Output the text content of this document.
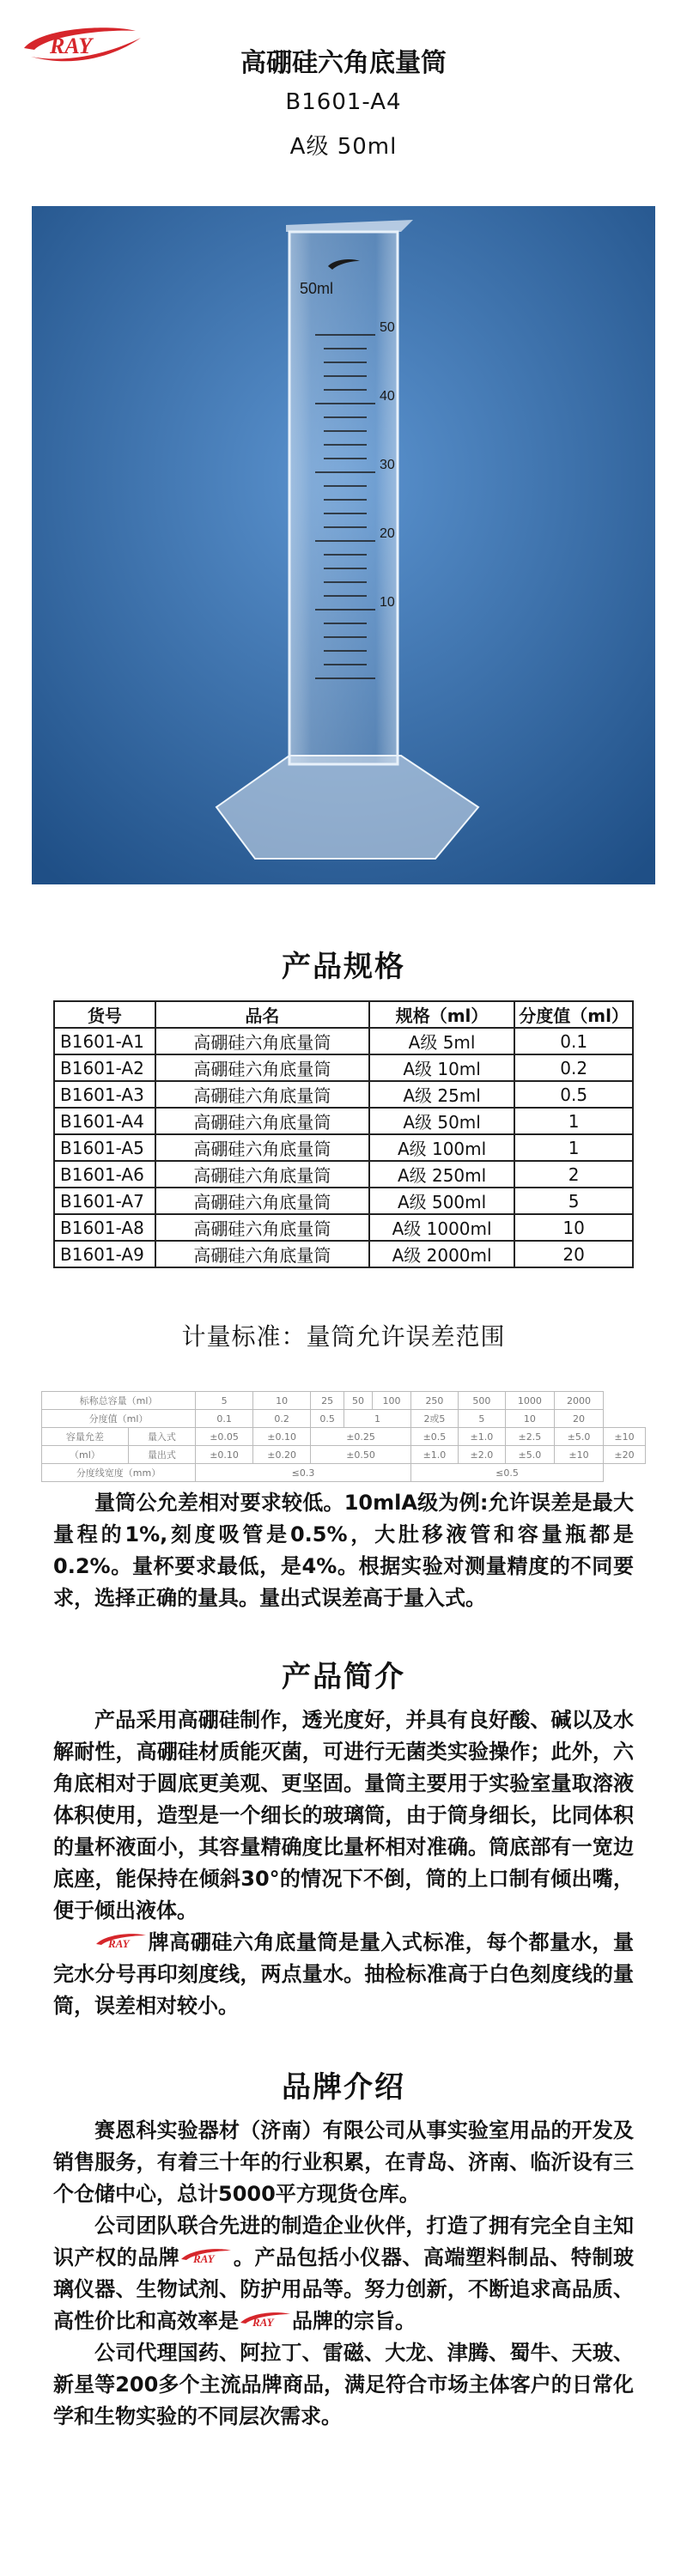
RAY
高硼硅六角底量筒
B1601-A4
A级 50ml
50
40
30
20
10
50ml
产品规格
货号	品名	规格（ml）	分度值（ml）
B1601-A1	高硼硅六角底量筒	A级 5ml	0.1
B1601-A2	高硼硅六角底量筒	A级 10ml	0.2
B1601-A3	高硼硅六角底量筒	A级 25ml	0.5
B1601-A4	高硼硅六角底量筒	A级 50ml	1
B1601-A5	高硼硅六角底量筒	A级 100ml	1
B1601-A6	高硼硅六角底量筒	A级 250ml	2
B1601-A7	高硼硅六角底量筒	A级 500ml	5
B1601-A8	高硼硅六角底量筒	A级 1000ml	10
B1601-A9	高硼硅六角底量筒	A级 2000ml	20
计量标准：量筒允许误差范围
标称总容量（ml）		5	10	25	50	100	250	500	1000	2000	
分度值（ml）		0.1	0.2	0.5	1		2或5	5	10	20	
容量允差	量入式	±0.05	±0.10	±0.25			±0.5	±1.0	±2.5	±5.0	±10
（ml）	量出式	±0.10	±0.20	±0.50			±1.0	±2.0	±5.0	±10	±20
分度线宽度（mm）		≤0.3					≤0.5				

量筒公允差相对要求较低。10mlA级为例:允许误差是最大量程的1%,刻度吸管是0.5%，大肚移液管和容量瓶都是0.2%。量杯要求最低，是4%。根据实验对测量精度的不同要求，选择正确的量具。量出式误差高于量入式。

产品简介

产品采用高硼硅制作，透光度好，并具有良好酸、碱以及水解耐性，高硼硅材质能灭菌，可进行无菌类实验操作；此外，六角底相对于圆底更美观、更坚固。量筒主要用于实验室量取溶液体积使用，造型是一个细长的玻璃筒，由于筒身细长，比同体积的量杯液面小，其容量精确度比量杯相对准确。筒底部有一宽边底座，能保持在倾斜30°的情况下不倒，筒的上口制有倾出嘴，便于倾出液体。

RAY 牌高硼硅六角底量筒是量入式标准，每个都量水，量完水分号再印刻度线，两点量水。抽检标准高于白色刻度线的量筒，误差相对较小。

品牌介绍

赛恩科实验器材（济南）有限公司从事实验室用品的开发及销售服务，有着三十年的行业积累，在青岛、济南、临沂设有三个仓储中心，总计5000平方现货仓库。

公司团队联合先进的制造企业伙伴，打造了拥有完全自主知识产权的品牌 RAY 。产品包括小仪器、高端塑料制品、特制玻璃仪器、生物试剂、防护用品等。努力创新，不断追求高品质、高性价比和高效率是 RAY 品牌的宗旨。

公司代理国药、阿拉丁、雷磁、大龙、津腾、蜀牛、天玻、新星等200多个主流品牌商品，满足符合市场主体客户的日常化学和生物实验的不同层次需求。
